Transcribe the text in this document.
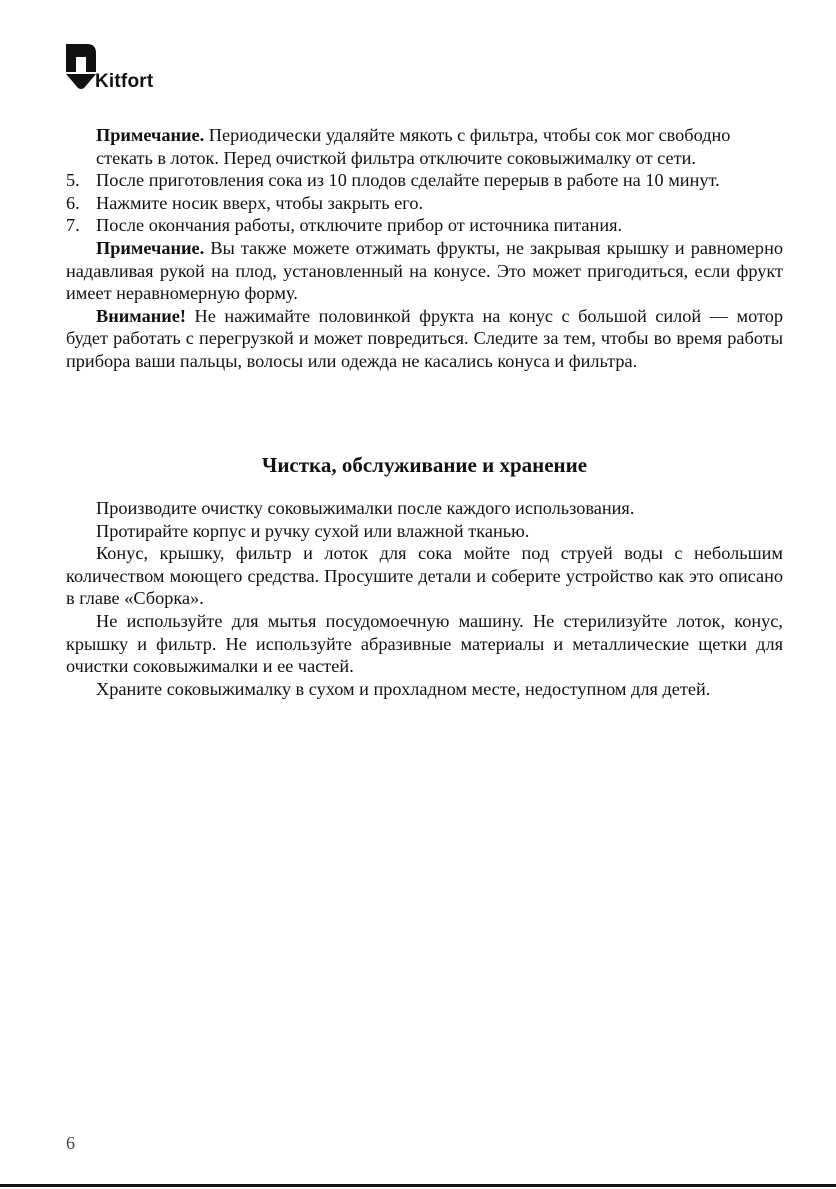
Kitfort

Примечание. Периодически удаляйте мякоть с фильтра, чтобы сок мог свободно стекать в лоток. Перед очисткой фильтра отключите соковыжималку от сети.

5. После приготовления сока из 10 плодов сделайте перерыв в работе на 10 минут.

6. Нажмите носик вверх, чтобы закрыть его.

7. После окончания работы, отключите прибор от источника питания.

Примечание. Вы также можете отжимать фрукты, не закрывая крышку и равномерно надавливая рукой на плод, установленный на конусе. Это может пригодиться, если фрукт имеет неравномерную форму.

Внимание! Не нажимайте половинкой фрукта на конус с большой силой — мотор будет работать с перегрузкой и может повредиться. Следите за тем, чтобы во время работы прибора ваши пальцы, волосы или одежда не касались конуса и фильтра.

Чистка, обслуживание и хранение

Производите очистку соковыжималки после каждого использования.

Протирайте корпус и ручку сухой или влажной тканью.

Конус, крышку, фильтр и лоток для сока мойте под струей воды с небольшим количеством моющего средства. Просушите детали и соберите устройство как это описано в главе «Сборка».

Не используйте для мытья посудомоечную машину. Не стерилизуйте лоток, конус, крышку и фильтр. Не используйте абразивные материалы и металлические щетки для очистки соковыжималки и ее частей.

Храните соковыжималку в сухом и прохладном месте, недоступном для детей.

6
